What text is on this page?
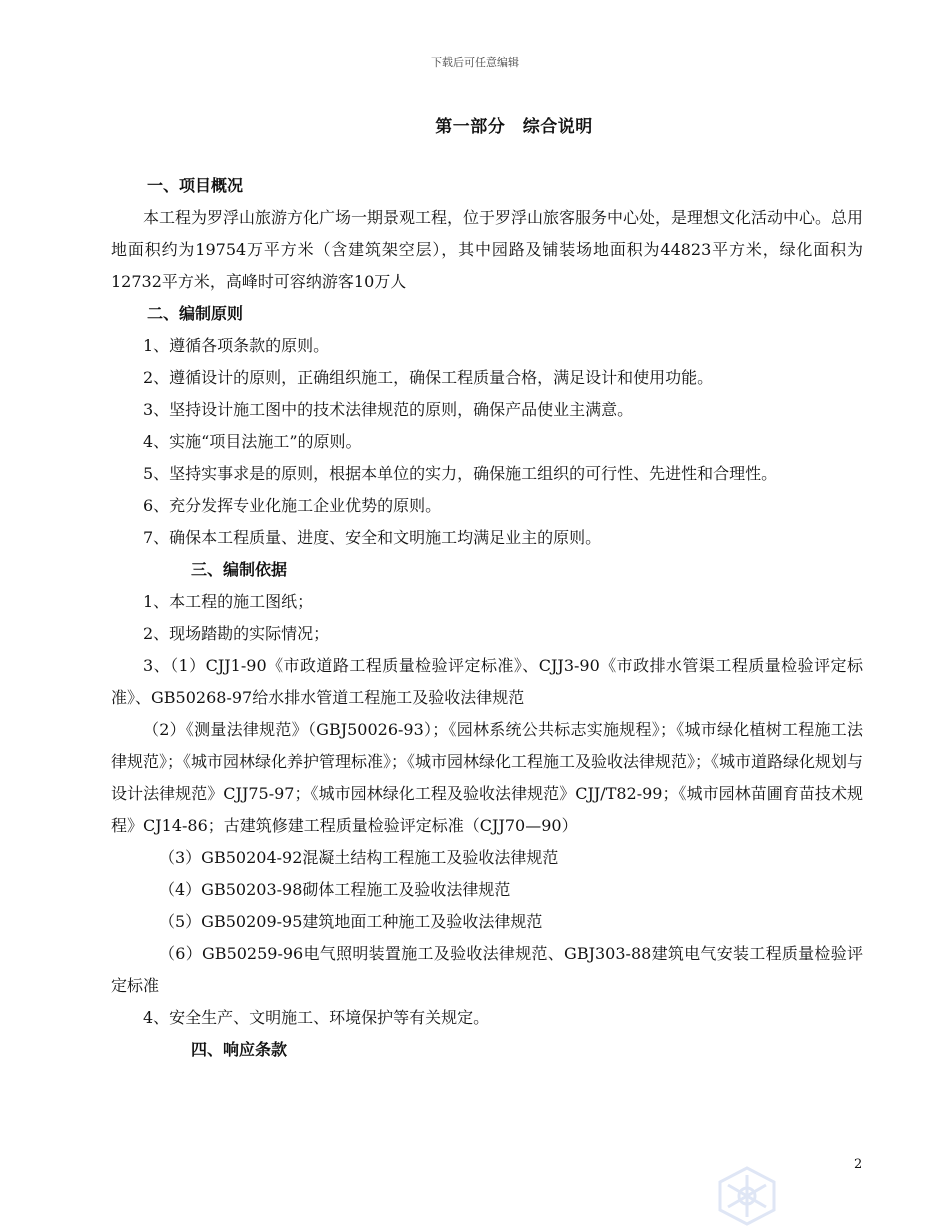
下载后可任意编辑
第一部分　综合说明
一、项目概况
本工程为罗浮山旅游方化广场一期景观工程，位于罗浮山旅客服务中心处，是理想文化活动中心。总用地面积约为19754万平方米（含建筑架空层），其中园路及铺装场地面积为44823平方米，绿化面积为12732平方米，高峰时可容纳游客10万人
二、编制原则
1、遵循各项条款的原则。
2、遵循设计的原则，正确组织施工，确保工程质量合格，满足设计和使用功能。
3、坚持设计施工图中的技术法律规范的原则，确保产品使业主满意。
4、实施“项目法施工”的原则。
5、坚持实事求是的原则，根据本单位的实力，确保施工组织的可行性、先进性和合理性。
6、充分发挥专业化施工企业优势的原则。
7、确保本工程质量、进度、安全和文明施工均满足业主的原则。
三、编制依据
1、本工程的施工图纸；
2、现场踏勘的实际情况；
3、（1）CJJ1-90《市政道路工程质量检验评定标准》、CJJ3-90《市政排水管渠工程质量检验评定标准》、GB50268-97给水排水管道工程施工及验收法律规范
（2）《测量法律规范》（GBJ50026-93）；《园林系统公共标志实施规程》；《城市绿化植树工程施工法律规范》；《城市园林绿化养护管理标准》；《城市园林绿化工程施工及验收法律规范》；《城市道路绿化规划与设计法律规范》CJJ75-97；《城市园林绿化工程及验收法律规范》CJJ/T82-99；《城市园林苗圃育苗技术规程》CJ14-86；古建筑修建工程质量检验评定标准（CJJ70—90）
（3）GB50204-92混凝土结构工程施工及验收法律规范
（4）GB50203-98砌体工程施工及验收法律规范
（5）GB50209-95建筑地面工种施工及验收法律规范
（6）GB50259-96电气照明装置施工及验收法律规范、GBJ303-88建筑电气安装工程质量检验评定标准
4、安全生产、文明施工、环境保护等有关规定。
四、响应条款
2
